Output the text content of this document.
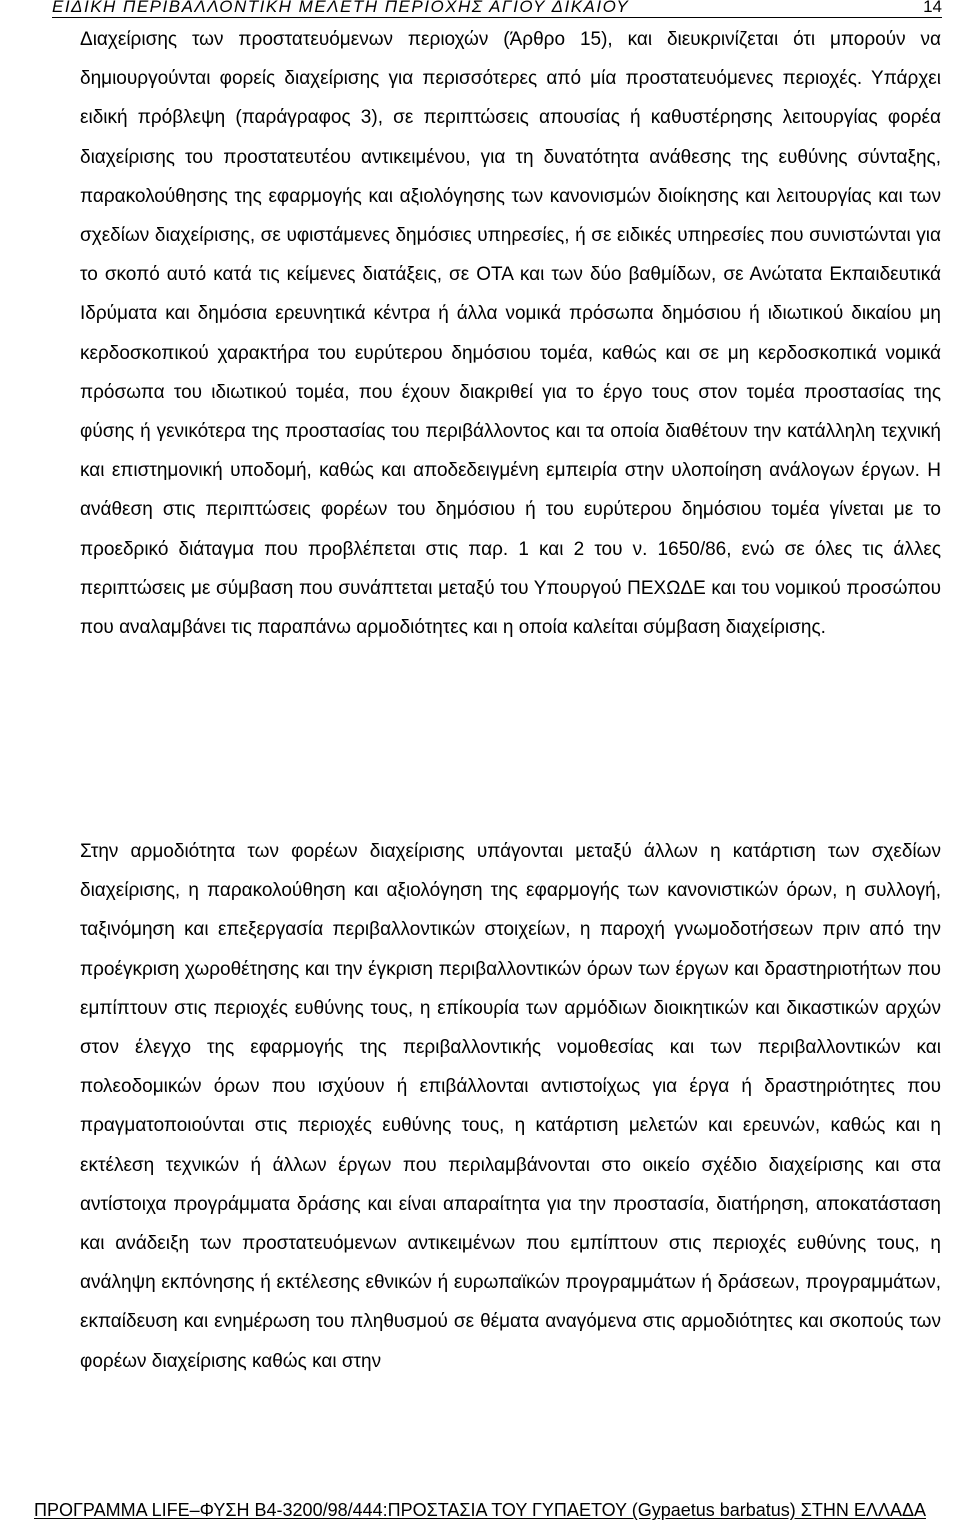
ΕΙΔΙΚΗ ΠΕΡΙΒΑΛΛΟΝΤΙΚΗ ΜΕΛΕΤΗ ΠΕΡΙΟΧΗΣ ΑΓΙΟΥ ΔΙΚΑΙΟΥ	14

Διαχείρισης των προστατευόμενων περιοχών (Άρθρο 15), και διευκρινίζεται ότι μπορούν να δημιουργούνται φορείς διαχείρισης για περισσότερες από μία προστατευόμενες περιοχές. Υπάρχει ειδική πρόβλεψη (παράγραφος 3), σε περιπτώσεις απουσίας ή καθυστέρησης λειτουργίας φορέα διαχείρισης του προστατευτέου αντικειμένου, για τη δυνατότητα ανάθεσης της ευθύνης σύνταξης, παρακολούθησης της εφαρμογής και αξιολόγησης των κανονισμών διοίκησης και λειτουργίας και των σχεδίων διαχείρισης, σε υφιστάμενες δημόσιες υπηρεσίες, ή σε ειδικές υπηρεσίες που συνιστώνται για το σκοπό αυτό κατά τις κείμενες διατάξεις, σε ΟΤΑ και των δύο βαθμίδων, σε Ανώτατα Εκπαιδευτικά Ιδρύματα και δημόσια ερευνητικά κέντρα ή άλλα νομικά πρόσωπα δημόσιου ή ιδιωτικού δικαίου μη κερδοσκοπικού χαρακτήρα του ευρύτερου δημόσιου τομέα, καθώς και σε μη κερδοσκοπικά νομικά πρόσωπα του ιδιωτικού τομέα, που έχουν διακριθεί για το έργο τους στον τομέα προστασίας της φύσης ή γενικότερα της προστασίας του περιβάλλοντος και τα οποία διαθέτουν την κατάλληλη τεχνική και επιστημονική υποδομή, καθώς και αποδεδειγμένη εμπειρία στην υλοποίηση ανάλογων έργων. Η ανάθεση στις περιπτώσεις φορέων του δημόσιου ή του ευρύτερου δημόσιου τομέα γίνεται με το προεδρικό διάταγμα που προβλέπεται στις παρ. 1 και 2 του ν. 1650/86, ενώ σε όλες τις άλλες περιπτώσεις με σύμβαση που συνάπτεται μεταξύ του Υπουργού ΠΕΧΩΔΕ και του νομικού προσώπου που αναλαμβάνει τις παραπάνω αρμοδιότητες και η οποία καλείται σύμβαση διαχείρισης.

Στην αρμοδιότητα των φορέων διαχείρισης υπάγονται μεταξύ άλλων η κατάρτιση των σχεδίων διαχείρισης, η παρακολούθηση και αξιολόγηση της εφαρμογής των κανονιστικών όρων, η συλλογή, ταξινόμηση και επεξεργασία περιβαλλοντικών στοιχείων, η παροχή γνωμοδοτήσεων πριν από την προέγκριση χωροθέτησης και την έγκριση περιβαλλοντικών όρων των έργων και δραστηριοτήτων που εμπίπτουν στις περιοχές ευθύνης τους, η επίκουρία των αρμόδιων διοικητικών και δικαστικών αρχών στον έλεγχο της εφαρμογής της περιβαλλοντικής νομοθεσίας και των περιβαλλοντικών και πολεοδομικών όρων που ισχύουν ή επιβάλλονται αντιστοίχως για έργα ή δραστηριότητες που πραγματοποιούνται στις περιοχές ευθύνης τους, η κατάρτιση μελετών και ερευνών, καθώς και η εκτέλεση τεχνικών ή άλλων έργων που περιλαμβάνονται στο οικείο σχέδιο διαχείρισης και στα αντίστοιχα προγράμματα δράσης και είναι απαραίτητα για την προστασία, διατήρηση, αποκατάσταση και ανάδειξη των προστατευόμενων αντικειμένων που εμπίπτουν στις περιοχές ευθύνης τους, η ανάληψη εκπόνησης ή εκτέλεσης εθνικών ή ευρωπαϊκών προγραμμάτων ή δράσεων, προγραμμάτων, εκπαίδευση και ενημέρωση του πληθυσμού σε θέματα αναγόμενα στις αρμοδιότητες και σκοπούς των φορέων διαχείρισης καθώς και στην

ΠΡΟΓΡΑΜΜΑ LIFE–ΦΥΣΗ Β4-3200/98/444:ΠΡΟΣΤΑΣΙΑ ΤΟΥ ΓΥΠΑΕΤΟΥ (Gypaetus barbatus) ΣΤΗΝ ΕΛΛΑΔΑ
